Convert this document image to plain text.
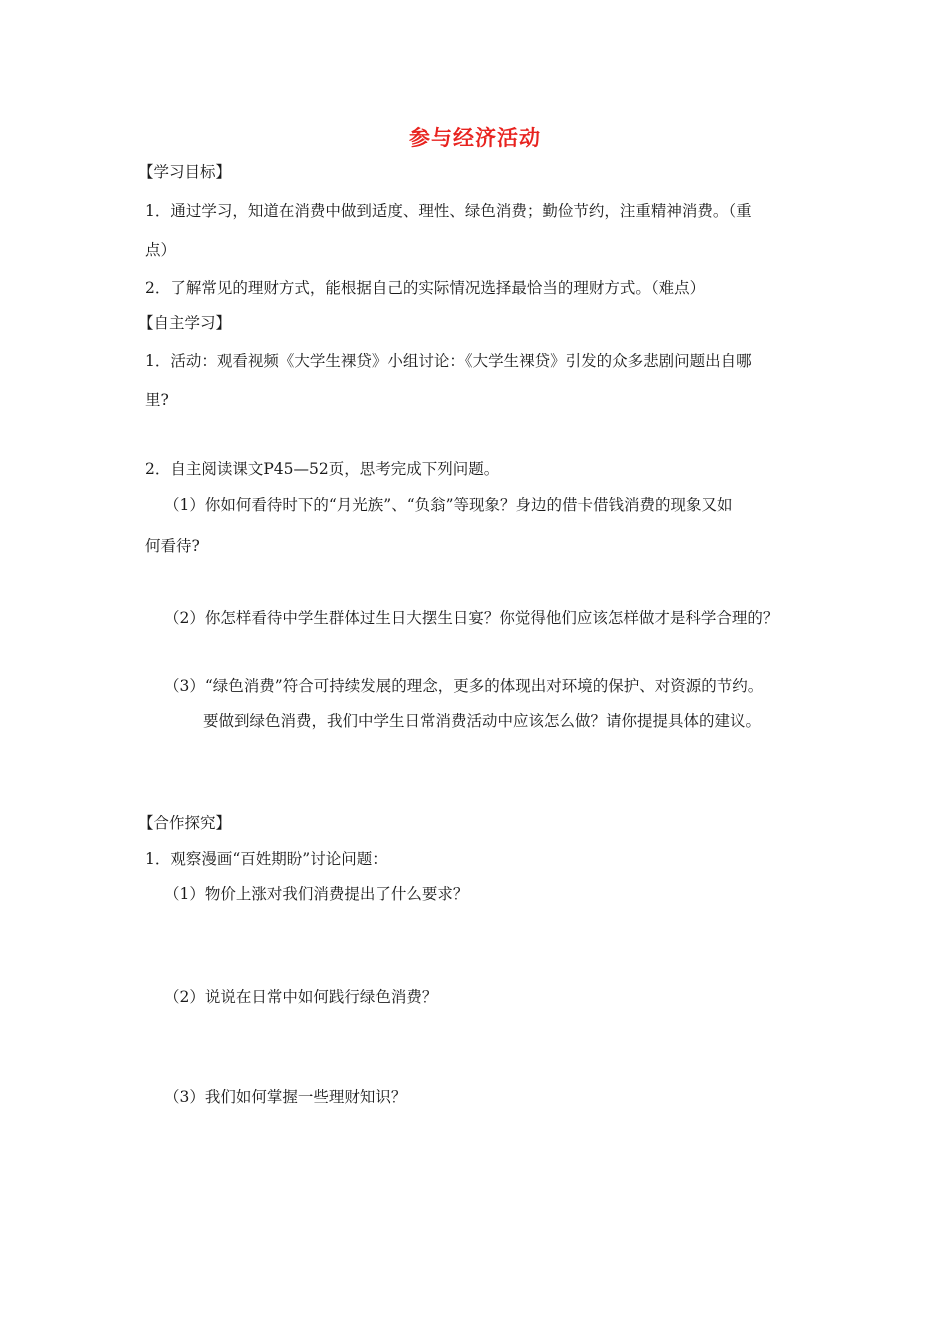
参与经济活动
【学习目标】
1．通过学习，知道在消费中做到适度、理性、绿色消费；勤俭节约，注重精神消费。（重
点）
2．了解常见的理财方式，能根据自己的实际情况选择最恰当的理财方式。（难点）
【自主学习】
1．活动：观看视频《大学生裸贷》小组讨论：《大学生裸贷》引发的众多悲剧问题出自哪
里?
2．自主阅读课文P45—52页，思考完成下列问题。
（1）你如何看待时下的“月光族”、“负翁”等现象？身边的借卡借钱消费的现象又如
何看待?
（2）你怎样看待中学生群体过生日大摆生日宴？你觉得他们应该怎样做才是科学合理的？
（3）“绿色消费”符合可持续发展的理念，更多的体现出对环境的保护、对资源的节约。
要做到绿色消费，我们中学生日常消费活动中应该怎么做？请你提提具体的建议。
【合作探究】
1．观察漫画“百姓期盼”讨论问题：
（1）物价上涨对我们消费提出了什么要求？
（2）说说在日常中如何践行绿色消费？
（3）我们如何掌握一些理财知识？
